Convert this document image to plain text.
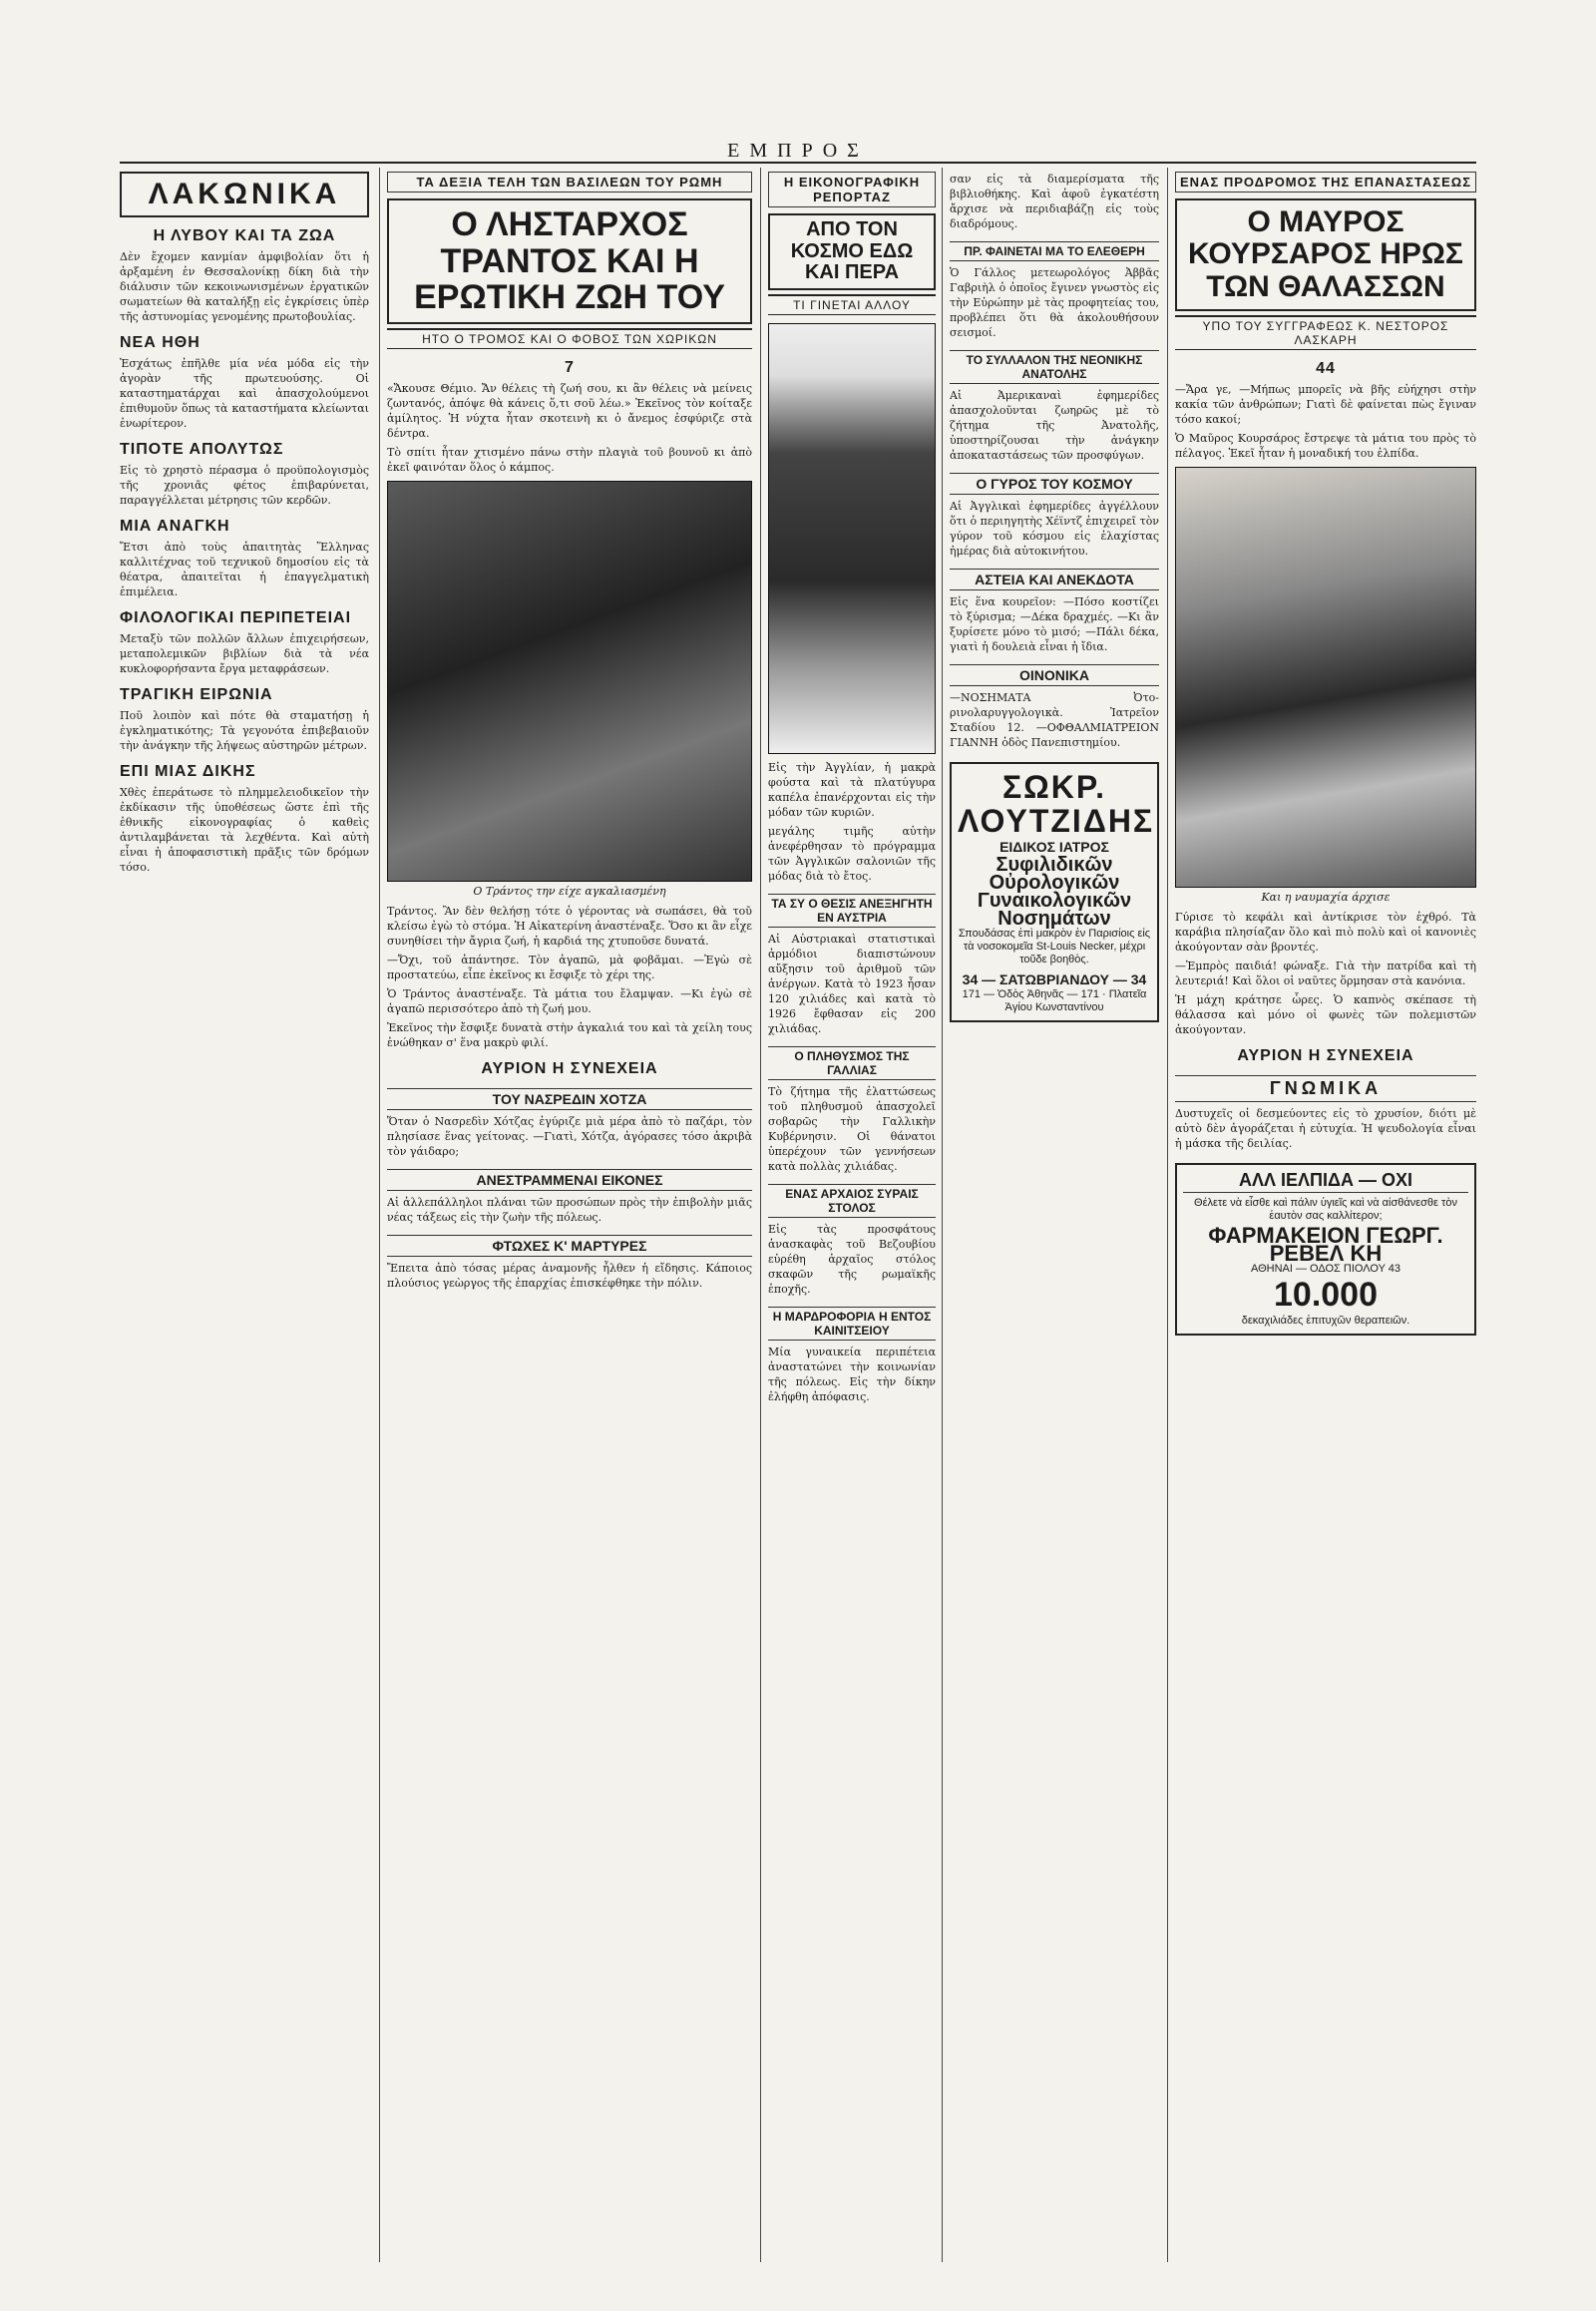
ΕΜΠΡΟΣ
ΛΑΚΩΝΙΚΑ
Η ΛΥΒΟΥ ΚΑΙ ΤΑ ΖΩΑ

Δὲν ἔχομεν κανμίαν ἀμφιβολίαν ὅτι ἡ ἀρξαμένη ἐν Θεσσαλονίκῃ δίκη διὰ τὴν διάλυσιν τῶν κεκοινωνισμένων ἐργατικῶν σωματείων θὰ καταλήξῃ εἰς ἐγκρίσεις ὑπὲρ τῆς ἀστυνομίας γενομένης πρωτοβουλίας.

ΝΕΑ ΗΘΗ

Ἐσχάτως ἐπῆλθε μία νέα μόδα εἰς τὴν ἀγορὰν τῆς πρωτευούσης. Οἱ καταστηματάρχαι καὶ ἀπασχολούμενοι ἐπιθυμοῦν ὅπως τὰ καταστήματα κλείωνται ἐνωρίτερον.

ΤΙΠΟΤΕ ΑΠΟΛΥΤΩΣ

Εἰς τὸ χρηστὸ πέρασμα ὁ προϋπολογισμὸς τῆς χρονιᾶς φέτος ἐπιβαρύνεται, παραγγέλλεται μέτρησις τῶν κερδῶν.

ΜΙΑ ΑΝΑΓΚΗ

Ἔτσι ἀπὸ τοὺς ἀπαιτητὰς Ἕλληνας καλλιτέχνας τοῦ τεχνικοῦ δημοσίου εἰς τὰ θέατρα, ἀπαιτεῖται ἡ ἐπαγγελματικὴ ἐπιμέλεια.

ΦΙΛΟΛΟΓΙΚΑΙ ΠΕΡΙΠΕΤΕΙΑΙ

Μεταξὺ τῶν πολλῶν ἄλλων ἐπιχειρήσεων, μεταπολεμικῶν βιβλίων διὰ τὰ νέα κυκλοφορήσαντα ἔργα μεταφράσεων.

ΤΡΑΓΙΚΗ ΕΙΡΩΝΙΑ

Ποῦ λοιπὸν καὶ πότε θὰ σταματήσῃ ἡ ἐγκληματικότης; Τὰ γεγονότα ἐπιβεβαιοῦν τὴν ἀνάγκην τῆς λήψεως αὐστηρῶν μέτρων.

ΕΠΙ ΜΙΑΣ ΔΙΚΗΣ

Χθὲς ἐπεράτωσε τὸ πλημμελειοδικεῖον τὴν ἐκδίκασιν τῆς ὑποθέσεως ὥστε ἐπὶ τῆς ἐθνικῆς εἰκονογραφίας ὁ καθεὶς ἀντιλαμβάνεται τὰ λεχθέντα. Καὶ αὐτὴ εἶναι ἡ ἀποφασιστικὴ πρᾶξις τῶν δρόμων τόσο.

ΤΑ ΔΕΞΙΑ ΤΕΛΗ ΤΩΝ ΒΑΣΙΛΕΩΝ ΤΟΥ ΡΩΜΗ
Ο ΛΗΣΤΑΡΧΟΣ ΤΡΑΝΤΟΣ ΚΑΙ Η ΕΡΩΤΙΚΗ ΖΩΗ ΤΟΥ
ΗΤΟ Ο ΤΡΟΜΟΣ ΚΑΙ Ο ΦΟΒΟΣ ΤΩΝ ΧΩΡΙΚΩΝ
7

«Ἄκουσε Θέμιο. Ἄν θέλεις τὴ ζωή σου, κι ἂν θέλεις νὰ μείνεις ζωντανός, ἀπόψε θὰ κάνεις ὅ,τι σοῦ λέω.» Ἐκεῖνος τὸν κοίταξε ἀμίλητος. Ἡ νύχτα ἦταν σκοτεινὴ κι ὁ ἄνεμος ἐσφύριζε στὰ δέντρα.

Τὸ σπίτι ἦταν χτισμένο πάνω στὴν πλαγιὰ τοῦ βουνοῦ κι ἀπὸ ἐκεῖ φαινόταν ὅλος ὁ κάμπος.

Ο Τράντος την είχε αγκαλιασμένη

Τράντος. Ἂν δὲν θελήσῃ τότε ὁ γέροντας νὰ σωπάσει, θὰ τοῦ κλείσω ἐγὼ τὸ στόμα. Ἡ Αἰκατερίνη ἀναστέναξε. Ὅσο κι ἂν εἶχε συνηθίσει τὴν ἄγρια ζωή, ἡ καρδιά της χτυποῦσε δυνατά.

—Ὄχι, τοῦ ἀπάντησε. Τὸν ἀγαπῶ, μὰ φοβᾶμαι. —Ἐγὼ σὲ προστατεύω, εἶπε ἐκεῖνος κι ἔσφιξε τὸ χέρι της.

Ὁ Τράντος ἀναστέναξε. Τὰ μάτια του ἔλαμψαν. —Κι ἐγὼ σὲ ἀγαπῶ περισσότερο ἀπὸ τὴ ζωή μου.

Ἐκεῖνος τὴν ἔσφιξε δυνατὰ στὴν ἀγκαλιά του καὶ τὰ χείλη τους ἑνώθηκαν σ' ἕνα μακρὺ φιλί.

ΑΥΡΙΟΝ Η ΣΥΝΕΧΕΙΑ
ΤΟΥ ΝΑΣΡΕΔΙΝ ΧΟΤΖΑ

Ὅταν ὁ Νασρεδὶν Χότζας ἐγύριζε μιὰ μέρα ἀπὸ τὸ παζάρι, τὸν πλησίασε ἕνας γείτονας. —Γιατὶ, Χότζα, ἀγόρασες τόσο ἀκριβὰ τὸν γάιδαρο;

ΑΝΕΣΤΡΑΜΜΕΝΑΙ ΕΙΚΟΝΕΣ

Αἱ ἀλλεπάλληλοι πλάναι τῶν προσώπων πρὸς τὴν ἐπιβολὴν μιᾶς νέας τάξεως εἰς τὴν ζωὴν τῆς πόλεως.

ΦΤΩΧΕΣ Κ' ΜΑΡΤΥΡΕΣ

Ἔπειτα ἀπὸ τόσας μέρας ἀναμονῆς ἦλθεν ἡ εἴδησις. Κάποιος πλούσιος γεὼργος τῆς ἐπαρχίας ἐπισκέφθηκε τὴν πόλιν.

Η ΕΙΚΟΝΟΓΡΑΦΙΚΗ ΡΕΠΟΡΤΑΖ
ΑΠΟ ΤΟΝ ΚΟΣΜΟ ΕΔΩ ΚΑΙ ΠΕΡΑ
ΤΙ ΓΙΝΕΤΑΙ ΑΛΛΟΥ

Εἰς τὴν Ἀγγλίαν, ἡ μακρὰ φούστα καὶ τὰ πλατύγυρα καπέλα ἐπανέρχονται εἰς τὴν μόδαν τῶν κυριῶν.

μεγάλης τιμῆς αὐτὴν ἀνεφέρθησαν τὸ πρόγραμμα τῶν Ἀγγλικῶν σαλονιῶν τῆς μόδας διὰ τὸ ἔτος.

ΤΑ ΣΥ Ο ΘΕΣΙΣ ΑΝΕΞΗΓΗΤΗ ΕΝ ΑΥΣΤΡΙΑ

Αἱ Αὐστριακαὶ στατιστικαὶ ἀρμόδιοι διαπιστώνουν αὔξησιν τοῦ ἀριθμοῦ τῶν ἀνέργων. Κατὰ τὸ 1923 ἦσαν 120 χιλιάδες καὶ κατὰ τὸ 1926 ἔφθασαν εἰς 200 χιλιάδας.

Ο ΠΛΗΘΥΣΜΟΣ ΤΗΣ ΓΑΛΛΙΑΣ

Τὸ ζήτημα τῆς ἐλαττώσεως τοῦ πληθυσμοῦ ἀπασχολεῖ σοβαρῶς τὴν Γαλλικὴν Κυβέρνησιν. Οἱ θάνατοι ὑπερέχουν τῶν γεννήσεων κατὰ πολλὰς χιλιάδας.

ΕΝΑΣ ΑΡΧΑΙΟΣ ΣΥΡΑΙΣ ΣΤΟΛΟΣ

Εἰς τὰς προσφάτους ἀνασκαφὰς τοῦ Βεζουβίου εὑρέθη ἀρχαῖος στόλος σκαφῶν τῆς ρωμαϊκῆς ἐποχῆς.

Η ΜΑΡΔΡΟΦΟΡΙΑ Η ΕΝΤΟΣ ΚΑΙΝΙΤΣΕΙΟΥ

Μία γυναικεία περιπέτεια ἀναστατώνει τὴν κοινωνίαν τῆς πόλεως. Εἰς τὴν δίκην ἐλήφθη ἀπόφασις.

σαν εἰς τὰ διαμερίσματα τῆς βιβλιοθήκης. Καὶ ἀφοῦ ἐγκατέστη ἄρχισε νὰ περιδιαβάζῃ εἰς τοὺς διαδρόμους.

ΠΡ. ΦΑΙΝΕΤΑΙ ΜΑ ΤΟ ΕΛΕΘΕΡΗ

Ὁ Γάλλος μετεωρολόγος Ἀββᾶς Γαβριὴλ ὁ ὁποῖος ἔγινεν γνωστὸς εἰς τὴν Εὐρώπην μὲ τὰς προφητείας του, προβλέπει ὅτι θὰ ἀκολουθήσουν σεισμοί.

ΤΟ ΣΥΛΛΑΛΟΝ ΤΗΣ ΝΕΟΝΙΚΗΣ ΑΝΑΤΟΛΗΣ

Αἱ Ἀμερικαναὶ ἐφημερίδες ἀπασχολοῦνται ζωηρῶς μὲ τὸ ζήτημα τῆς Ἀνατολῆς, ὑποστηρίζουσαι τὴν ἀνάγκην ἀποκαταστάσεως τῶν προσφύγων.

Ο ΓΥΡΟΣ ΤΟΥ ΚΟΣΜΟΥ

Αἱ Ἀγγλικαὶ ἐφημερίδες ἀγγέλλουν ὅτι ὁ περιηγητὴς Χέϊντζ ἐπιχειρεῖ τὸν γύρον τοῦ κόσμου εἰς ἐλαχίστας ἡμέρας διὰ αὐτοκινήτου.

ΑΣΤΕΙΑ ΚΑΙ ΑΝΕΚΔΟΤΑ

Εἰς ἕνα κουρεῖον: —Πόσο κοστίζει τὸ ξύρισμα; —Δέκα δραχμές. —Κι ἂν ξυρίσετε μόνο τὸ μισό; —Πάλι δέκα, γιατὶ ἡ δουλειὰ εἶναι ἡ ἴδια.

ΟΙΝΟΝΙΚΑ

—ΝΟΣΗΜΑΤΑ Ὀτο-ρινολαρυγγολογικὰ. Ἰατρεῖον Σταδίου 12. —ΟΦΘΑΛΜΙΑΤΡΕΙΟΝ ΓΙΑΝΝΗ ὁδὸς Πανεπιστημίου.

ΣΩΚΡ. ΛΟΥΤΖΙΔΗΣ
ΕΙΔΙΚΟΣ ΙΑΤΡΟΣ
Συφιλιδικῶν
Οὐρολογικῶν
Γυναικολογικῶν
Νοσημάτων
Σπουδάσας ἐπὶ μακρὸν ἐν Παρισίοις εἰς τὰ νοσοκομεῖα St-Louis Necker, μέχρι τοῦδε βοηθὸς.
34 — ΣΑΤΩΒΡΙΑΝΔΟΥ — 34
171 — Ὁδὸς Ἀθηνᾶς — 171 · Πλατεῖα Ἁγίου Κωνσταντίνου
ΕΝΑΣ ΠΡΟΔΡΟΜΟΣ ΤΗΣ ΕΠΑΝΑΣΤΑΣΕΩΣ
Ο ΜΑΥΡΟΣ ΚΟΥΡΣΑΡΟΣ ΗΡΩΣ ΤΩΝ ΘΑΛΑΣΣΩΝ
ΥΠΟ ΤΟΥ ΣΥΓΓΡΑΦΕΩΣ Κ. ΝΕΣΤΟΡΟΣ ΛΑΣΚΑΡΗ
44

—Ἄρα γε, —Μήπως μπορεῖς νὰ βῆς εὐήχησι στὴν κακία τῶν ἀνθρώπων; Γιατὶ δὲ φαίνεται πὼς ἔγιναν τόσο κακοί;

Ὁ Μαῦρος Κουρσάρος ἔστρεψε τὰ μάτια του πρὸς τὸ πέλαγος. Ἐκεῖ ἦταν ἡ μοναδική του ἐλπίδα.

Και η ναυμαχία άρχισε

Γύρισε τὸ κεφάλι καὶ ἀντίκρισε τὸν ἐχθρό. Τὰ καράβια πλησίαζαν ὅλο καὶ πιὸ πολὺ καὶ οἱ κανονιὲς ἀκούγονταν σὰν βροντές.

—Ἐμπρὸς παιδιά! φώναξε. Γιὰ τὴν πατρίδα καὶ τὴ λευτεριά! Καὶ ὅλοι οἱ ναῦτες ὅρμησαν στὰ κανόνια.

Ἡ μάχη κράτησε ὧρες. Ὁ καπνὸς σκέπασε τὴ θάλασσα καὶ μόνο οἱ φωνὲς τῶν πολεμιστῶν ἀκούγονταν.

ΑΥΡΙΟΝ Η ΣΥΝΕΧΕΙΑ
ΓΝΩΜΙΚΑ

Δυστυχεῖς οἱ δεσμεύοντες εἰς τὸ χρυσίον, διότι μὲ αὐτὸ δὲν ἀγοράζεται ἡ εὐτυχία. Ἡ ψευδολογία εἶναι ἡ μάσκα τῆς δειλίας.

ΑΛΛ ΙΕΛΠΙΔΑ — ΟΧΙ
Θέλετε νὰ εἶσθε καὶ πάλιν ὑγιεῖς καὶ νὰ αἰσθάνεσθε τὸν ἑαυτὸν σας καλλίτερον;
ΦΑΡΜΑΚΕΙΟΝ ΓΕΩΡΓ. ΡΕΒΕΛ ΚΗ
ΑΘΗΝΑΙ — ΟΔΟΣ ΠΙΟΛΟΥ 43
10.000
δεκαχιλιάδες ἐπιτυχῶν θεραπειῶν.
